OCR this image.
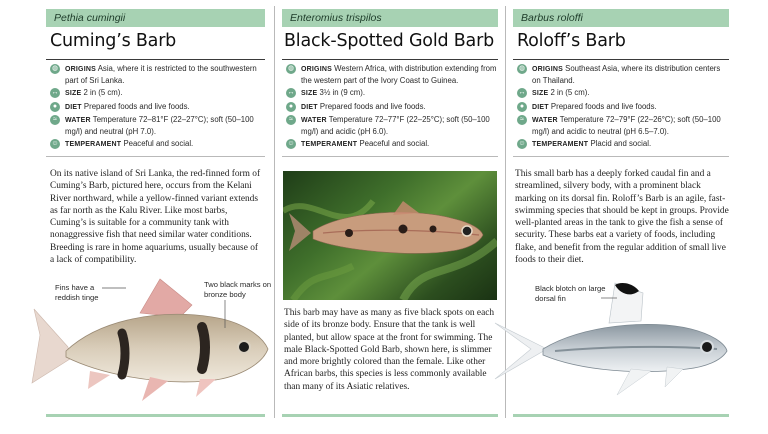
Pethia cumingii
Cuming’s Barb
◍ ORIGINS Asia, where it is restricted to the southwestern part of Sri Lanka.
↔ SIZE 2 in (5 cm).
●	DIET Prepared foods and live foods.
≈	WATER Temperature 72–81°F (22–27°C); soft (50–100 mg/l) and neutral (pH 7.0).
☺ TEMPERAMENT Peaceful and social.

On its native island of Sri Lanka, the red-finned form of Cuming’s Barb, pictured here, occurs from the Kelani River northward, while a yellow-finned variant extends as far north as the Kalu River. Like most barbs, Cuming’s is suitable for a community tank with nonaggressive fish that need similar water conditions. Breeding is rare in home aquariums, usually because of a lack of compatibility.

Fins have a reddish tinge
Two black marks on bronze body
Enteromius trispilos
Black-Spotted Gold Barb
◍ ORIGINS Western Africa, with distribution extending from the western part of the Ivory Coast to Guinea.
↔ SIZE 3½ in (9 cm).
●	DIET Prepared foods and live foods.
≈	WATER Temperature 72–77°F (22–25°C); soft (50–100 mg/l) and acidic (pH 6.0).
☺ TEMPERAMENT Peaceful and social.

This barb may have as many as five black spots on each side of its bronze body. Ensure that the tank is well planted, but allow space at the front for swimming. The male Black-Spotted Gold Barb, shown here, is slimmer and more brightly colored than the female. Like other African barbs, this species is less commonly available than many of its Asiatic relatives.

Barbus roloffi
Roloff’s Barb
◍ ORIGINS Southeast Asia, where its distribution centers on Thailand.
↔ SIZE 2 in (5 cm).
●	DIET Prepared foods and live foods.
≈	WATER Temperature 72–79°F (22–26°C); soft (50–100 mg/l) and acidic to neutral (pH 6.5–7.0).
☺ TEMPERAMENT Placid and social.

This small barb has a deeply forked caudal fin and a streamlined, silvery body, with a prominent black marking on its dorsal fin. Roloff’s Barb is an agile, fast-swimming species that should be kept in groups. Provide well-planted areas in the tank to give the fish a sense of security. These barbs eat a variety of foods, including flake, and benefit from the regular addition of small live foods to their diet.

Black blotch on large dorsal fin
